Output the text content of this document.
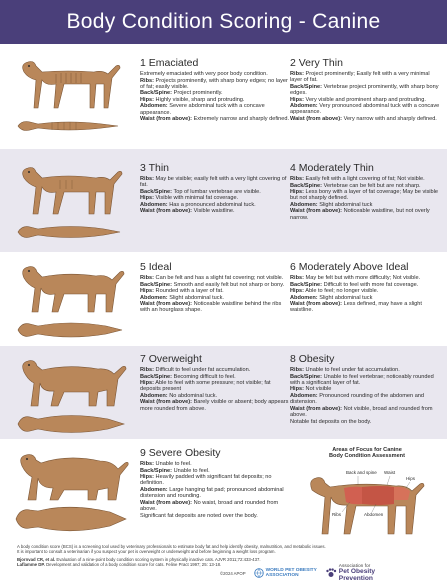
Body Condition Scoring - Canine
1 Emaciated

Extremely emaciated with very poor body condition.

Ribs: Projects prominently, with sharp bony edges; no layer of fat; easily visible.

Back/Spine: Project prominently.

Hips: Highly visible, sharp and protruding.

Abdomen: Severe abdominal tuck with a concave appearance.

Waist (from above): Extremely narrow and sharply defined.

2 Very Thin

Ribs: Project prominently; Easily felt with a very minimal layer of fat.

Back/Spine: Vertebrae project prominently, with sharp bony edges.

Hips: Very visible and prominent sharp and protruding.

Abdomen: Very pronounced abdominal tuck with a concave appearance.

Waist (from above): Very narrow with and sharply defined.

3 Thin

Ribs: May be visible; easily felt with a very light covering of fat.

Back/Spine: Top of lumbar vertebrae are visible.

Hips: Visible with minimal fat coverage.

Abdomen: Has a pronounced abdominal tuck.

Waist (from above): Visible waistline.

4 Moderately Thin

Ribs: Easily felt with a light covering of fat; Not visible.

Back/Spine: Vertebrae can be felt but are not sharp.

Hips: Less bony with a layer of fat coverage; May be visible but not sharply defined.

Abdomen: Slight abdominal tuck

Waist (from above): Noticeable waistline, but not overly narrow.

5 Ideal

Ribs: Can be felt and has a slight fat covering; not visible.

Back/Spine: Smooth and easily felt but not sharp or bony.

Hips: Rounded with a layer of fat.

Abdomen: Slight abdominal tuck.

Waist (from above): Noticeable waistline behind the ribs with an hourglass shape.

6 Moderately Above Ideal

Ribs: May be felt but with more difficulty; Not visible.

Back/Spine: Difficult to feel with more fat coverage.

Hips: Able to feel; no longer visible.

Abdomen: Slight abdominal tuck

Waist (from above): Less defined, may have a slight waistline.

7 Overweight

Ribs: Difficult to feel under fat accumulation.

Back/Spine: Becoming difficult to feel.

Hips: Able to feel with some pressure; not visible; fat deposits present

Abdomen: No abdominal tuck.

Waist (from above): Barely visible or absent; body appears more rounded from above.

8 Obesity

Ribs: Unable to feel under fat accumulation.

Back/Spine: Unable to feel vertebrae; noticeably rounded with a significant layer of fat.

Hips: Not visible

Abdomen: Pronounced rounding of the abdomen and distension.

Waist (from above): Not visible, broad and rounded from above.

Notable fat deposits on the body.

9 Severe Obesity

Ribs: Unable to feel.

Back/Spine: Unable to feel.

Hips: Heavily padded with significant fat deposits; no definition.

Abdomen: Large hanging fat pad; pronounced abdominal distension and rounding.

Waist (from above): No waist, broad and rounded from above.

Significant fat deposits are noted over the body.

Areas of Focus for Canine
Body Condition Assessment
Back and spine Waist
Hips
Ribs	Abdomen
A body condition score (BCS) is a screening tool used by veterinary professionals to estimate body fat and help identify obesity, malnutrition, and metabolic issues.
It is important to consult a veterinarian if you suspect your pet is overweight or underweight and before beginning a weight loss program.
Bjornvad CR, et al. Evaluation of a nine-point body condition scoring system in physically inactive cats. AJVR 2011;72:433-437.
Laflamme DP. Development and validation of a body condition score for cats. Feline Pract 1997; 25: 13-18.
©2024 APOP
WORLD PET OBESITY
ASSOCIATION
Association for
Pet Obesity
Prevention
